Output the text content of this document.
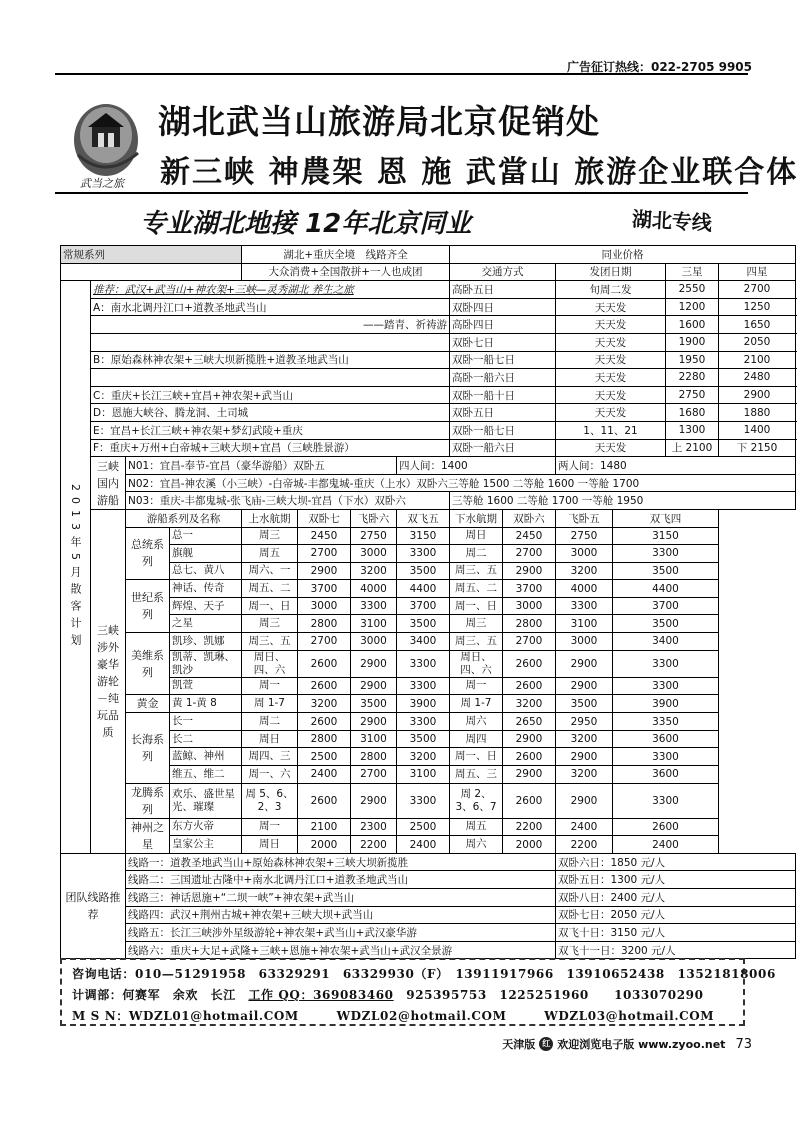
广告征订热线：022-2705 9905
武当之旅
湖北武当山旅游局北京促销处
新三峡 神農架 恩 施 武當山 旅游企业联合体
专业湖北地接 12年北京同业	湖北专线
常规系列				湖北+重庆全境　线路齐全				同业价格					
				大众消费+全国散拼+一人也成团				交通方式		发团日期		三星	四星

2013年5月散客计划	推荐：武汉+武当山+神农架+三峡—灵秀湖北 养生之旅							高卧五日		旬周二发		2550	2700
	A：南水北调丹江口+道教圣地武当山							双卧四日		天天发		1200	1250
	——踏青、祈祷游							高卧四日		天天发		1600	1650
								双卧七日		天天发		1900	2050
	B：原始森林神农架+三峡大坝新揽胜+道教圣地武当山							双卧一船七日		天天发		1950	2100
								高卧一船六日		天天发		2280	2480
	C：重庆+长江三峡+宜昌+神农架+武当山							双卧一船十日		天天发		2750	2900
	D：恩施大峡谷、腾龙洞、土司城							双卧五日		天天发		1680	1880
	E：宜昌+长江三峡+神农架+梦幻武陵+重庆							双卧一船七日		1、11、21		1300	1400
	F：重庆+万州+白帝城+三峡大坝+宜昌（三峡胜景游）							双卧一船六日		天天发		上 2100	下 2150
	三峡国内游船	N01：宜昌-奉节-宜昌（豪华游船）双卧五					四人间：1400			两人间：1480			
		N02：宜昌-神农溪（小三峡）-白帝城-丰都鬼城-重庆（上水）双卧六三等舱 1500 二等舱 1600 一等舱 1700											
		N03：重庆-丰都鬼城-张飞庙-三峡大坝-宜昌（下水）双卧六						三等舱 1600 二等舱 1700 一等舱 1950					
	三峡涉外豪华游轮－纯玩品质	游船系列及名称		上水航期	双卧七	飞卧六	双飞五	下水航期	双卧六	飞卧五	双飞四		
		总统系列	总一	周三	2450	2750	3150	周日	2450	2750	3150		
			旗舰	周五	2700	3000	3300	周二	2700	3000	3300		
			总七、黄八	周六、一	2900	3200	3500	周三、五	2900	3200	3500		
		世纪系列	神话、传奇	周五、二	3700	4000	4400	周五、二	3700	4000	4400		
			辉煌、天子	周一、日	3000	3300	3700	周一、日	3000	3300	3700		
			之星	周三	2800	3100	3500	周三	2800	3100	3500		
		美维系列	凯珍、凯娜	周三、五	2700	3000	3400	周三、五	2700	3000	3400		
			凯蒂、凯琳、凯沙	周日、四、六	2600	2900	3300	周日、四、六	2600	2900	3300		
			凯萱	周一	2600	2900	3300	周一	2600	2900	3300		
		黄金	黄 1-黄 8	周 1-7	3200	3500	3900	周 1-7	3200	3500	3900		
		长海系列	长一	周二	2600	2900	3300	周六	2650	2950	3350		
			长二	周日	2800	3100	3500	周四	2900	3200	3600		
			蓝鲸、神州	周四、三	2500	2800	3200	周一、日	2600	2900	3300		
			维五、维二	周一、六	2400	2700	3100	周五、三	2900	3200	3600		
		龙腾系列	欢乐、盛世星光、璀璨	周 5、6、2、3	2600	2900	3300	周 2、3、6、7	2600	2900	3300		
		神州之星	东方火帝	周一	2100	2300	2500	周五	2200	2400	2600		
			皇家公主	周日	2000	2200	2400	周六	2000	2200	2400		
团队线路推荐		线路一：道教圣地武当山+原始森林神农架+三峡大坝新揽胜								双卧六日：1850 元/人			
		线路二：三国遗址古隆中+南水北调丹江口+道教圣地武当山								双卧五日：1300 元/人			
		线路三：神话恩施+“二坝一峡”+神农架+武当山								双卧八日：2400 元/人			
		线路四：武汉+荆州古城+神农架+三峡大坝+武当山								双卧七日：2050 元/人			
		线路五：长江三峡涉外星级游轮+神农架+武当山+武汉豪华游								双飞十日：3150 元/人			
		线路六：重庆+大足+武隆+三峡+恩施+神农架+武当山+武汉全景游								双飞十一日：3200 元/人			
咨询电话：010—51291958　63329291　63329930（F）　13911917966　13910652438　13521818006
计调部：何赛军　余欢　长江　工作 QQ：369083460　925395753　1225251960　　1033070290
M S N：WDZL01@hotmail.COM　　　WDZL02@hotmail.COM　　　WDZL03@hotmail.COM
天津版 红 欢迎浏览电子版 www.zyoo.net 73
